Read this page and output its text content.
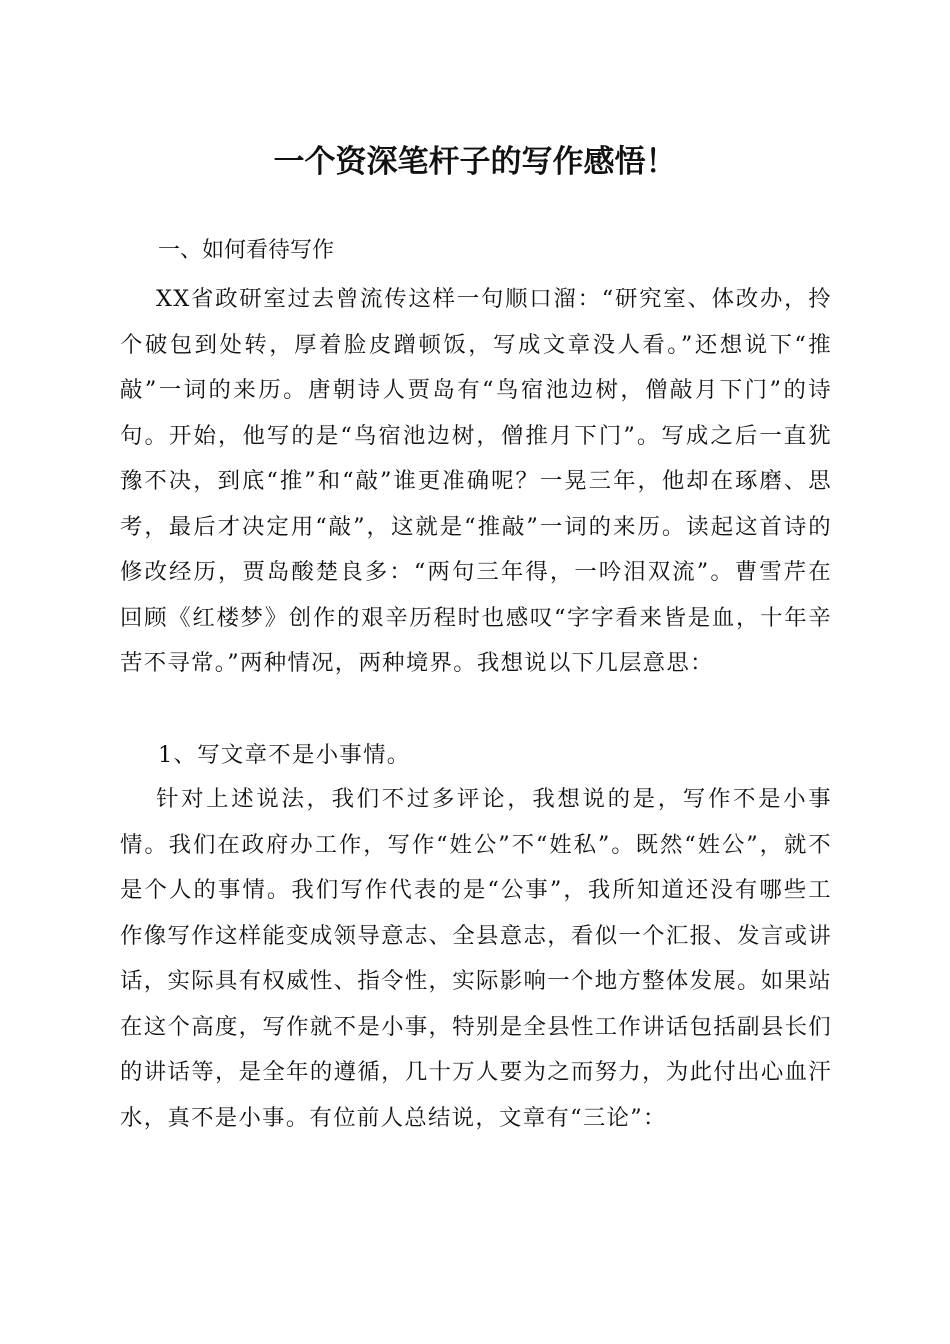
一个资深笔杆子的写作感悟！
一、如何看待写作

XX省政研室过去曾流传这样一句顺口溜：“研究室、体改办，拎个破包到处转，厚着脸皮蹭顿饭，写成文章没人看。”还想说下“推敲”一词的来历。唐朝诗人贾岛有“鸟宿池边树，僧敲月下门”的诗句。开始，他写的是“鸟宿池边树，僧推月下门”。写成之后一直犹豫不决，到底“推”和“敲”谁更准确呢？一晃三年，他却在琢磨、思考，最后才决定用“敲”，这就是“推敲”一词的来历。读起这首诗的修改经历，贾岛酸楚良多：“两句三年得，一吟泪双流”。曹雪芹在回顾《红楼梦》创作的艰辛历程时也感叹“字字看来皆是血，十年辛苦不寻常。”两种情况，两种境界。我想说以下几层意思：

1、写文章不是小事情。

针对上述说法，我们不过多评论，我想说的是，写作不是小事情。我们在政府办工作，写作“姓公”不“姓私”。既然“姓公”，就不是个人的事情。我们写作代表的是“公事”，我所知道还没有哪些工作像写作这样能变成领导意志、全县意志，看似一个汇报、发言或讲话，实际具有权威性、指令性，实际影响一个地方整体发展。如果站在这个高度，写作就不是小事，特别是全县性工作讲话包括副县长们的讲话等，是全年的遵循，几十万人要为之而努力，为此付出心血汗水，真不是小事。有位前人总结说，文章有“三论”：
